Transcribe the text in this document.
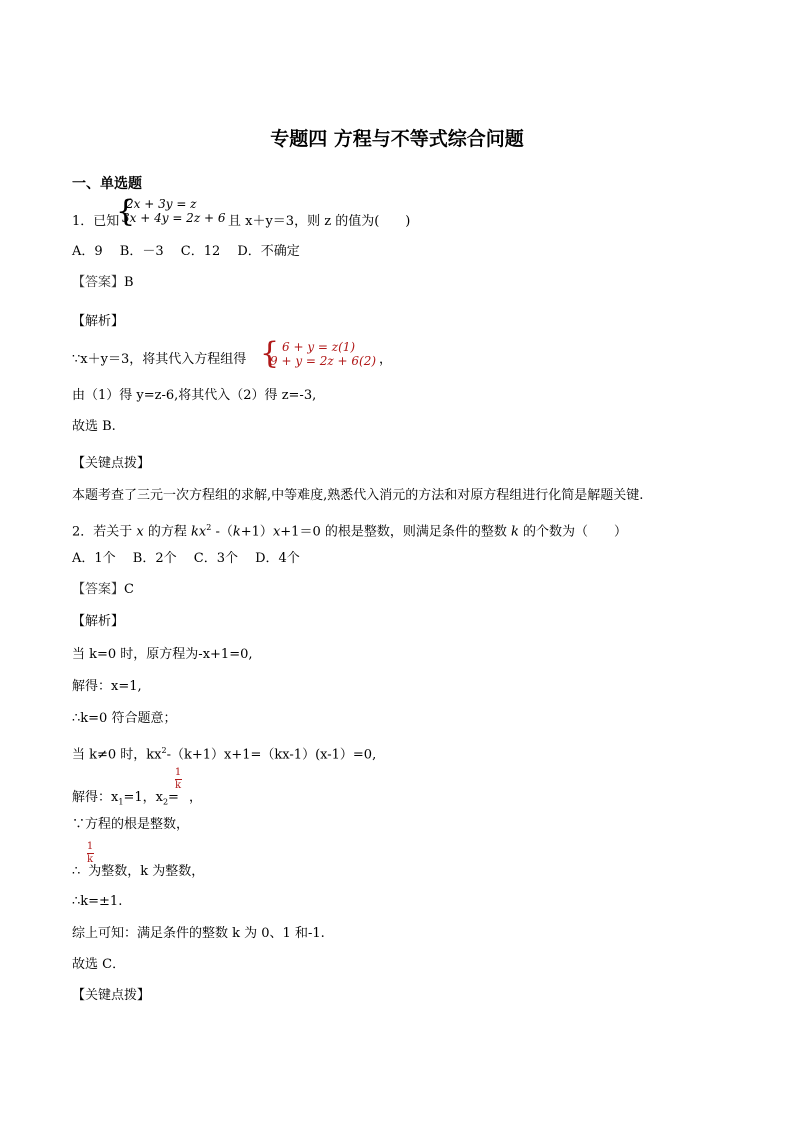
专题四 方程与不等式综合问题
一、单选题
{
2x + 3y = z
3x + 4y = 2z + 6
1．已知	且 x＋y＝3，则 z 的值为(　　)
A．9　 B．－3　 C．12　 D．不确定
【答案】B
【解析】
∵x＋y＝3，将其代入方程组得 { 6 + y = z(1)
9 + y = 2z + 6(2) ，
由（1）得 y=z-6,将其代入（2）得 z=-3,
故选 B.
【关键点拨】
本题考查了三元一次方程组的求解,中等难度,熟悉代入消元的方法和对原方程组进行化简是解题关键.
2．若关于 x 的方程 $kx^2$ -（k+1）x+1＝0 的根是整数，则满足条件的整数 k 的个数为（　　）
A．1个　 B．2个　 C．3个　 D．4个
【答案】C
【解析】
当 k=0 时，原方程为-x+1=0,
解得：x=1,
∴k=0 符合题意；
当 k≠0 时，$kx^2-(k+1)x+1=(kx-1)(x-1)=0$,
1
k
解得：$x_1=1$，$x_2=$ ，
∵方程的根是整数，
1
k
∴ 为整数，k 为整数，
∴k=±1.
综上可知：满足条件的整数 k 为 0、1 和-1.
故选 C．
【关键点拨】
